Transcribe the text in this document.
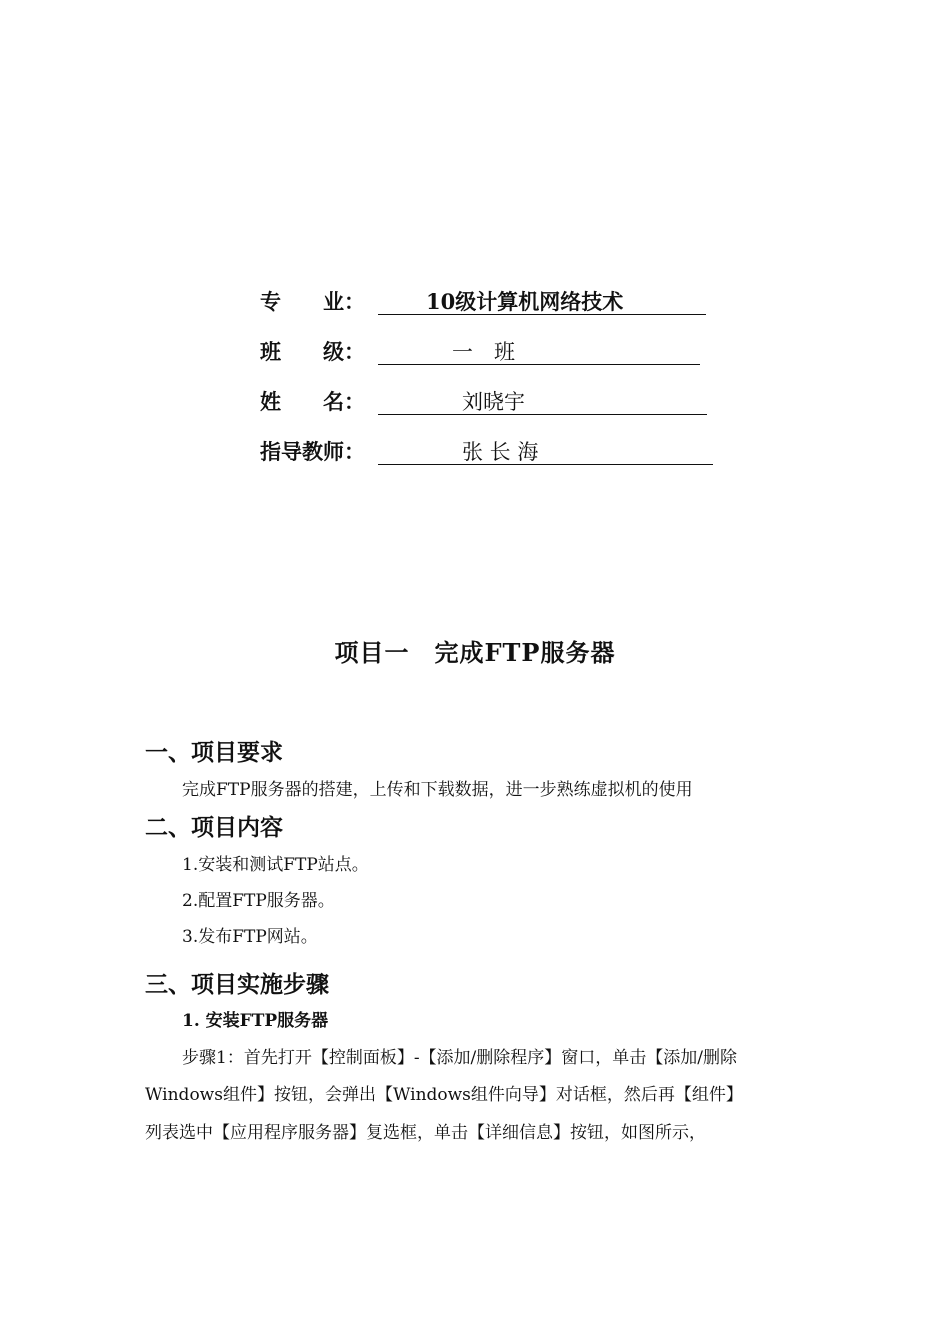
专　　业：	10级计算机网络技术
班　　级：	一　班
姓　　名：	刘晓宇
指导教师：	张 长 海
项目一　完成FTP服务器
一、项目要求
完成FTP服务器的搭建，上传和下载数据，进一步熟练虚拟机的使用
二、项目内容
1.安装和测试FTP站点。
2.配置FTP服务器。
3.发布FTP网站。
三、项目实施步骤
1. 安装FTP服务器
步骤1：首先打开【控制面板】-【添加/删除程序】窗口，单击【添加/删除
Windows组件】按钮，会弹出【Windows组件向导】对话框，然后再【组件】
列表选中【应用程序服务器】复选框，单击【详细信息】按钮，如图所示，
